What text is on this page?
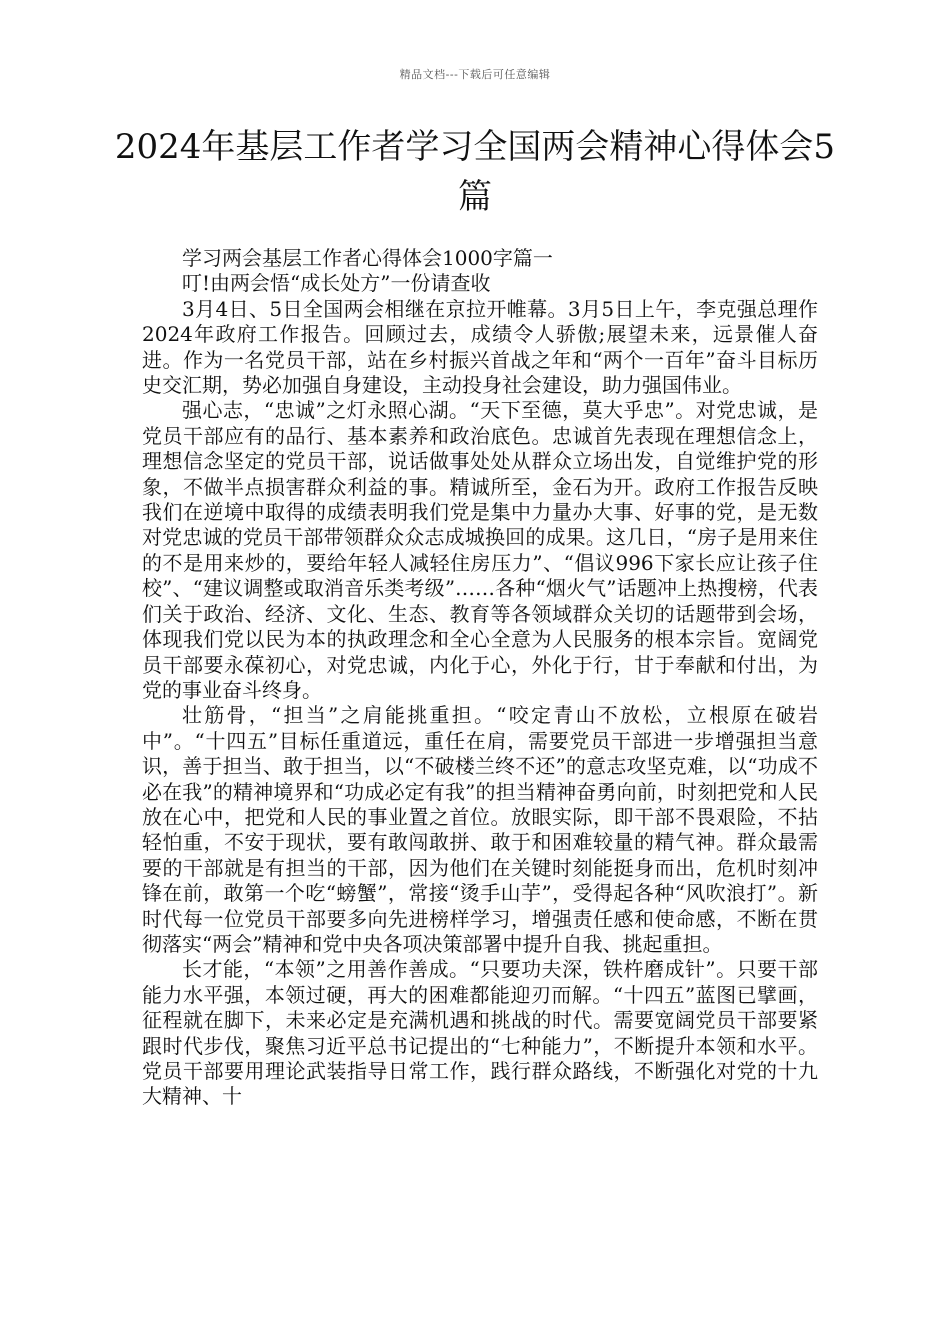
精品文档---下载后可任意编辑
2024年基层工作者学习全国两会精神心得体会5篇

学习两会基层工作者心得体会1000字篇一

叮!由两会悟“成长处方”一份请查收

3月4日、5日全国两会相继在京拉开帷幕。3月5日上午，李克强总理作2024年政府工作报告。回顾过去，成绩令人骄傲;展望未来，远景催人奋进。作为一名党员干部，站在乡村振兴首战之年和“两个一百年”奋斗目标历史交汇期，势必加强自身建设，主动投身社会建设，助力强国伟业。

强心志，“忠诚”之灯永照心湖。“天下至德，莫大乎忠”。对党忠诚，是党员干部应有的品行、基本素养和政治底色。忠诚首先表现在理想信念上，理想信念坚定的党员干部，说话做事处处从群众立场出发，自觉维护党的形象，不做半点损害群众利益的事。精诚所至，金石为开。政府工作报告反映我们在逆境中取得的成绩表明我们党是集中力量办大事、好事的党，是无数对党忠诚的党员干部带领群众众志成城换回的成果。这几日，“房子是用来住的不是用来炒的，要给年轻人减轻住房压力”、“倡议996下家长应让孩子住校”、“建议调整或取消音乐类考级”……各种“烟火气”话题冲上热搜榜，代表们关于政治、经济、文化、生态、教育等各领域群众关切的话题带到会场，体现我们党以民为本的执政理念和全心全意为人民服务的根本宗旨。宽阔党员干部要永葆初心，对党忠诚，内化于心，外化于行，甘于奉献和付出，为党的事业奋斗终身。

壮筋骨，“担当”之肩能挑重担。“咬定青山不放松，立根原在破岩中”。“十四五”目标任重道远，重任在肩，需要党员干部进一步增强担当意识，善于担当、敢于担当，以“不破楼兰终不还”的意志攻坚克难，以“功成不必在我”的精神境界和“功成必定有我”的担当精神奋勇向前，时刻把党和人民放在心中，把党和人民的事业置之首位。放眼实际，即干部不畏艰险，不拈轻怕重，不安于现状，要有敢闯敢拼、敢于和困难较量的精气神。群众最需要的干部就是有担当的干部，因为他们在关键时刻能挺身而出，危机时刻冲锋在前，敢第一个吃“螃蟹”，常接“烫手山芋”，受得起各种“风吹浪打”。新时代每一位党员干部要多向先进榜样学习，增强责任感和使命感，不断在贯彻落实“两会”精神和党中央各项决策部署中提升自我、挑起重担。

长才能，“本领”之用善作善成。“只要功夫深，铁杵磨成针”。只要干部能力水平强，本领过硬，再大的困难都能迎刃而解。“十四五”蓝图已擘画，征程就在脚下，未来必定是充满机遇和挑战的时代。需要宽阔党员干部要紧跟时代步伐，聚焦习近平总书记提出的“七种能力”，不断提升本领和水平。党员干部要用理论武装指导日常工作，践行群众路线，不断强化对党的十九大精神、十
